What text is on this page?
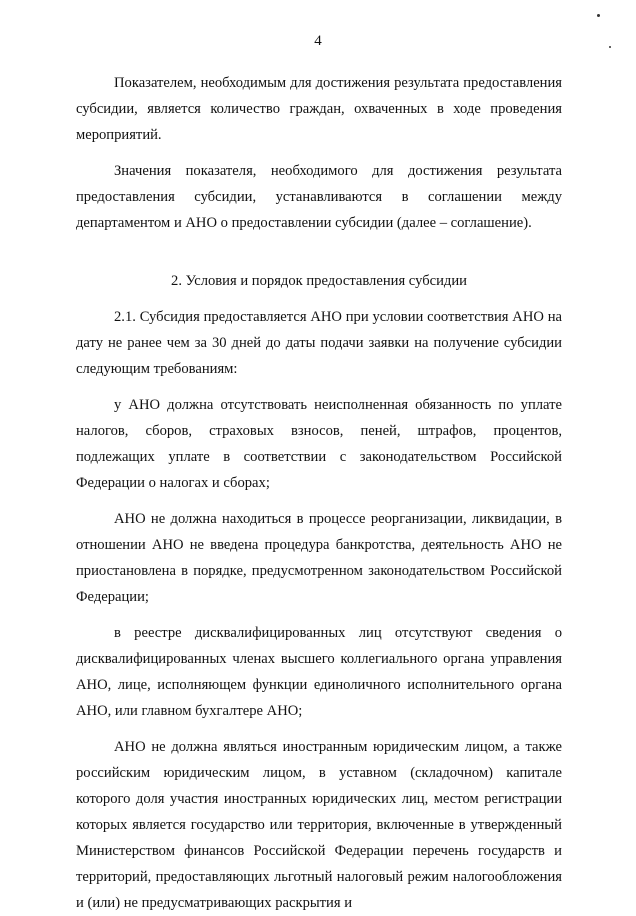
4

Показателем, необходимым для достижения результата предоставления субсидии, является количество граждан, охваченных в ходе проведения мероприятий.

Значения показателя, необходимого для достижения результата предоставления субсидии, устанавливаются в соглашении между департаментом и АНО о предоставлении субсидии (далее – соглашение).

2. Условия и порядок предоставления субсидии

2.1. Субсидия предоставляется АНО при условии соответствия АНО на дату не ранее чем за 30 дней до даты подачи заявки на получение субсидии следующим требованиям:

у АНО должна отсутствовать неисполненная обязанность по уплате налогов, сборов, страховых взносов, пеней, штрафов, процентов, подлежащих уплате в соответствии с законодательством Российской Федерации о налогах и сборах;

АНО не должна находиться в процессе реорганизации, ликвидации, в отношении АНО не введена процедура банкротства, деятельность АНО не приостановлена в порядке, предусмотренном законодательством Российской Федерации;

в реестре дисквалифицированных лиц отсутствуют сведения о дисквалифицированных членах высшего коллегиального органа управления АНО, лице, исполняющем функции единоличного исполнительного органа АНО, или главном бухгалтере АНО;

АНО не должна являться иностранным юридическим лицом, а также российским юридическим лицом, в уставном (складочном) капитале которого доля участия иностранных юридических лиц, местом регистрации которых является государство или территория, включенные в утвержденный Министерством финансов Российской Федерации перечень государств и территорий, предоставляющих льготный налоговый режим налогообложения и (или) не предусматривающих раскрытия и
